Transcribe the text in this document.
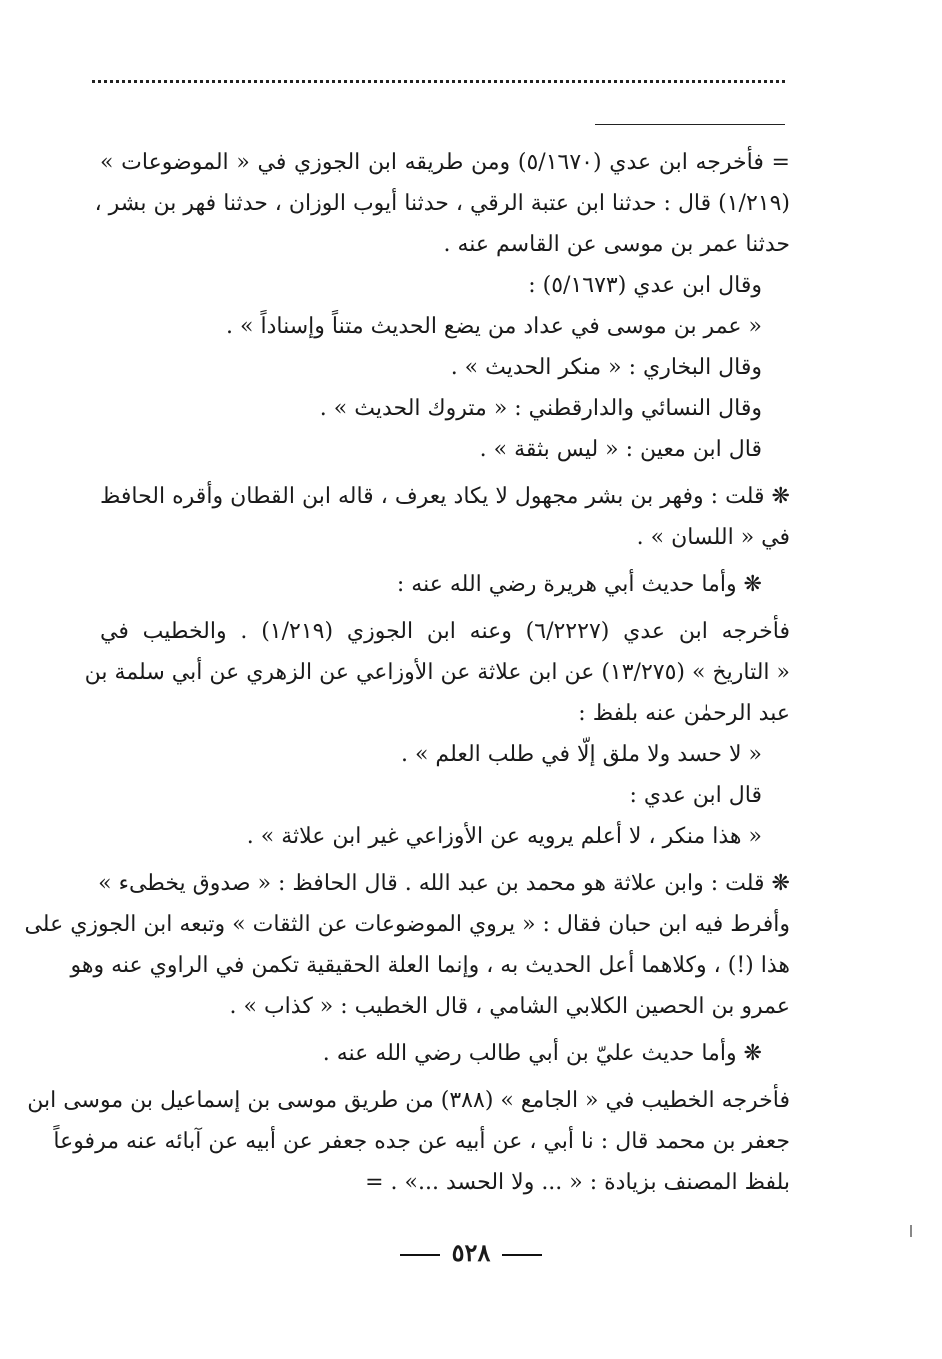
= فأخرجه ابن عدي (٥/١٦٧٠) ومن طريقه ابن الجوزي في « الموضوعات »
(١/٢١٩) قال : حدثنا ابن عتبة الرقي ، حدثنا أيوب الوزان ، حدثنا فهر بن بشر ،
حدثنا عمر بن موسى عن القاسم عنه .
وقال ابن عدي (٥/١٦٧٣) :
« عمر بن موسى في عداد من يضع الحديث متناً وإسناداً » .
وقال البخاري : « منكر الحديث » .
وقال النسائي والدارقطني : « متروك الحديث » .
قال ابن معين : « ليس بثقة » .
❋ قلت : وفهر بن بشر مجهول لا يكاد يعرف ، قاله ابن القطان وأقره الحافظ
في « اللسان » .
❋ وأما حديث أبي هريرة رضي الله عنه :
فأخرجه ابن عدي (٦/٢٢٢٧) وعنه ابن الجوزي (١/٢١٩) . والخطيب في
« التاريخ » (١٣/٢٧٥) عن ابن علاثة عن الأوزاعي عن الزهري عن أبي سلمة بن
عبد الرحمٰن عنه بلفظ :
« لا حسد ولا ملق إلّا في طلب العلم » .
قال ابن عدي :
« هذا منكر ، لا أعلم يرويه عن الأوزاعي غير ابن علاثة » .
❋ قلت : وابن علاثة هو محمد بن عبد الله . قال الحافظ : « صدوق يخطىء »
وأفرط فيه ابن حبان فقال : « يروي الموضوعات عن الثقات » وتبعه ابن الجوزي على
هذا (!) ، وكلاهما أعل الحديث به ، وإنما العلة الحقيقية تكمن في الراوي عنه وهو
عمرو بن الحصين الكلابي الشامي ، قال الخطيب : « كذاب » .
❋ وأما حديث عليّ بن أبي طالب رضي الله عنه .
فأخرجه الخطيب في « الجامع » (٣٨٨) من طريق موسى بن إسماعيل بن موسى ابن
جعفر بن محمد قال : نا أبي ، عن أبيه عن جده جعفر عن أبيه عن آبائه عنه مرفوعاً
بلفظ المصنف بزيادة : « ... ولا الحسد ...» . =
٥٢٨
